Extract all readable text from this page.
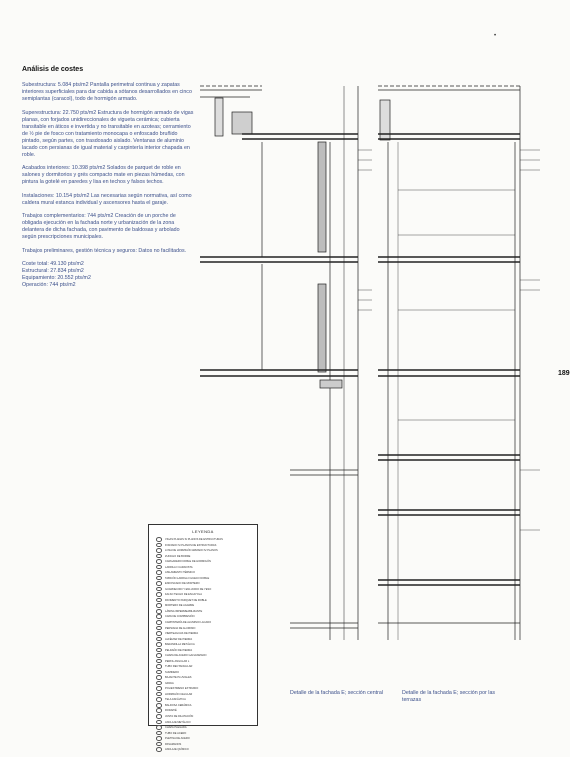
•
Análisis de costes

Subestructura: 5.084 pts/m2 Pantalla perimetral continua y zapatas interiores superficiales para dar cabida a sótanos desarrollados en cinco semiplantas (caracol), todo de hormigón armado.

Superestructura: 22.750 pts/m2 Estructura de hormigón armado de vigas planas, con forjados unidireccionales de vigueta cerámica; cubierta transitable en áticos e invertida y no transitable en azoteas; cerramiento de ½ pie de fosco con tratamiento monocapa o enfoscado bruñido pintado, según partes, con trasdosado aislado. Ventanas de aluminio lacado con persianas de igual material y carpintería interior chapada en roble.

Acabados interiores: 10.398 pts/m2 Solados de parquet de roble en salones y dormitorios y grés compacto mate en piezas húmedas, con pintura la gotelé en paredes y lisa en techos y falsos techos.

Instalaciones: 10.154 pts/m2 Las necesarias según normativa, así como caldera mural estanca individual y ascensores hasta el garaje.

Trabajos complementarios: 744 pts/m2 Creación de un porche de obligada ejecución en la fachada norte y urbanización de la zona delantera de dicha fachada, con pavimento de baldosas y arbolado según prescripciones municipales.

Trabajos preliminares, gestión técnica y seguros: Datos no facilitados.

Coste total: 49.130 pts/m2
Estructural: 27.834 pts/m2
Equipamiento: 20.552 pts/m2
Operación: 744 pts/m2
189
LEYENDA
VIGAS PLANAS S/ PLANOS DE ESTRUCTURAS
FORJADO S/ PLANOS DE ESTRUCTURAS
LOSA DE HORMIGÓN ARMADO S/ PLANOS
ZUNCHO DE BORDE
CARGADERO DOBLE DE HORMIGÓN
LADRILLO CARAVISTA
AISLAMIENTO TÉRMICO
TABICÓN LADRILLO HUECO DOBLE
ENFOSCADO DE MORTERO
GUARNECIDO Y ENLUCIDO DE YESO
FALSO TECHO DE ESCAYOLA
PAVIMENTO PARQUET DE ROBLE
MORTERO DE AGARRE
LÁMINA IMPERMEABILIZANTE
CAPA DE COMPRESIÓN
CARPINTERÍA DE ALUMINIO LACADO
PERSIANA DE ALUMINIO
VIERTEAGUAS DE PIEDRA
ALFÉIZAR DE PIEDRA
BARANDILLA METÁLICA
PELDAÑO DE PIEDRA
CHAPA DE ACERO GALVANIZADO
PERFIL ANGULAR L
TUBO RECTANGULAR
SUMIDERO
BAJANTE PLUVIALES
GRAVA
POLIESTIRENO EXTRUIDO
HORMIGÓN CELULAR
TELA ASFÁLTICA
BALDOSA CERÁMICA
RODAPIÉ
JUNTA DE DILATACIÓN
ANCLAJE METÁLICO
CHAPA PLEGADA
TUBO DE ACERO
PLETINA DE ACERO
PASAMANOS
ANCLAJE QUÍMICO
Detalle de la fachada E; sección central	Detalle de la fachada E; sección por las terrazas
